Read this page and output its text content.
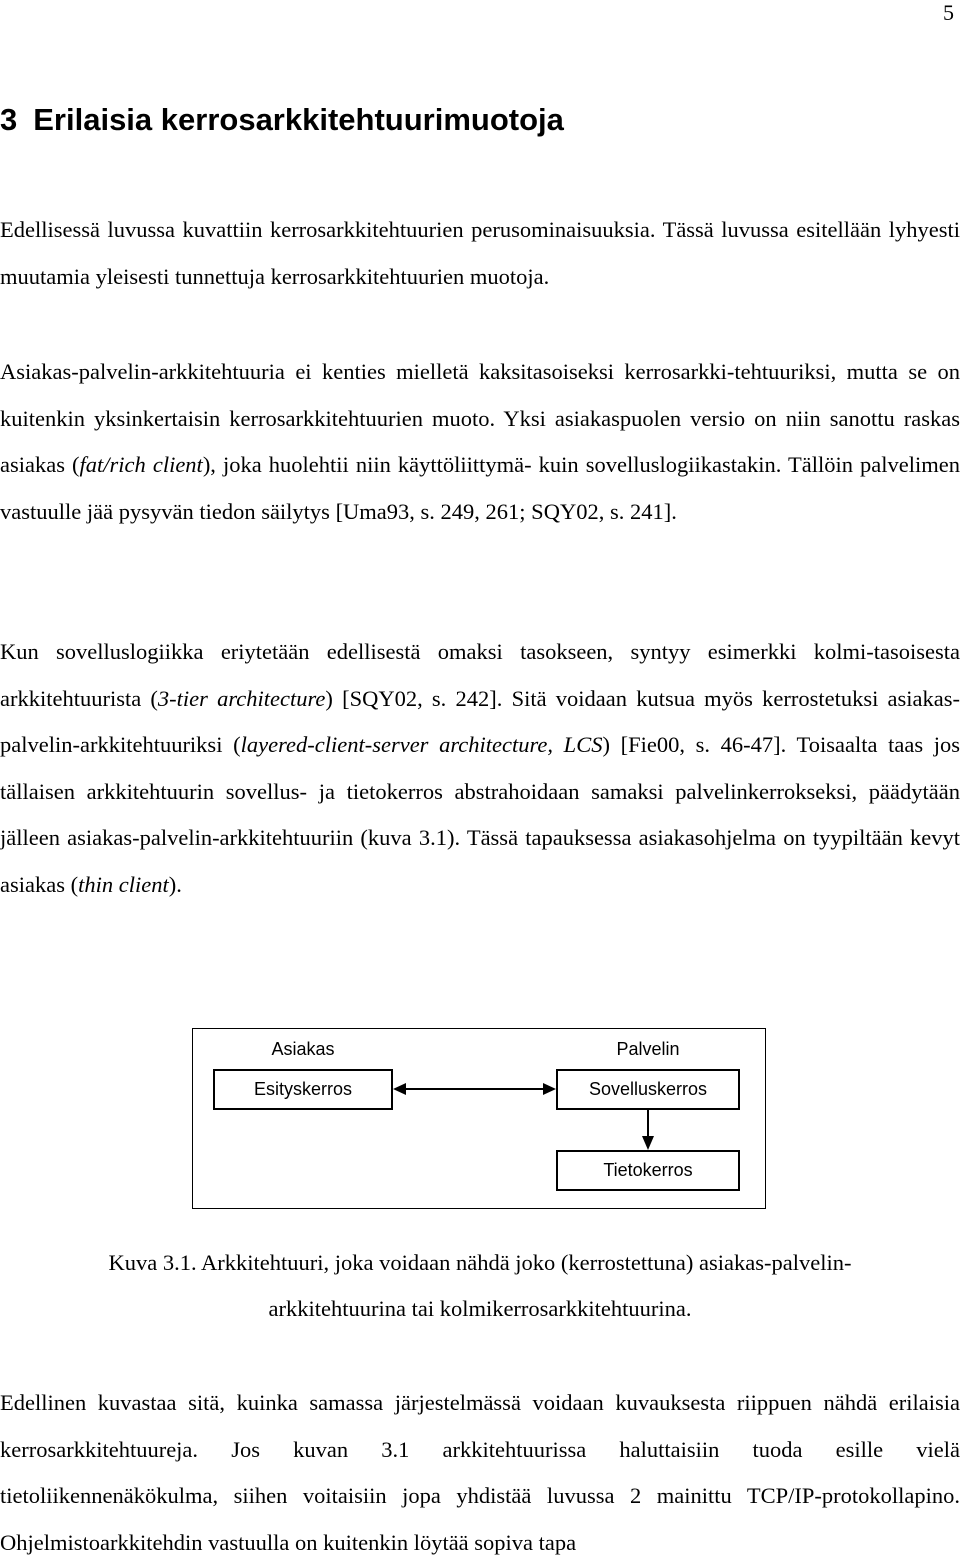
5
3 Erilaisia kerrosarkkitehtuurimuotoja

Edellisessä luvussa kuvattiin kerrosarkkitehtuurien perusominaisuuksia. Tässä luvussa esitellään lyhyesti muutamia yleisesti tunnettuja kerrosarkkitehtuurien muotoja.

Asiakas-palvelin-arkkitehtuuria ei kenties mielletä kaksitasoiseksi kerrosarkki-tehtuuriksi, mutta se on kuitenkin yksinkertaisin kerrosarkkitehtuurien muoto. Yksi asiakaspuolen versio on niin sanottu raskas asiakas (fat/rich client), joka huolehtii niin käyttöliittymä- kuin sovelluslogiikastakin. Tällöin palvelimen vastuulle jää pysyvän tiedon säilytys [Uma93, s. 249, 261; SQY02, s. 241].

Kun sovelluslogiikka eriytetään edellisestä omaksi tasokseen, syntyy esimerkki kolmi-tasoisesta arkkitehtuurista (3-tier architecture) [SQY02, s. 242]. Sitä voidaan kutsua myös kerrostetuksi asiakas-palvelin-arkkitehtuuriksi (layered-client-server architecture, LCS) [Fie00, s. 46-47]. Toisaalta taas jos tällaisen arkkitehtuurin sovellus- ja tietokerros abstrahoidaan samaksi palvelinkerrokseksi, päädytään jälleen asiakas-palvelin-arkkitehtuuriin (kuva 3.1). Tässä tapauksessa asiakasohjelma on tyypiltään kevyt asiakas (thin client).

Asiakas	Palvelin
Esityskerros	Sovelluskerros
Tietokerros

Kuva 3.1. Arkkitehtuuri, joka voidaan nähdä joko (kerrostettuna) asiakas-palvelin-
arkkitehtuurina tai kolmikerrosarkkitehtuurina.

Edellinen kuvastaa sitä, kuinka samassa järjestelmässä voidaan kuvauksesta riippuen nähdä erilaisia kerrosarkkitehtuureja. Jos kuvan 3.1 arkkitehtuurissa haluttaisiin tuoda esille vielä tietoliikennenäkökulma, siihen voitaisiin jopa yhdistää luvussa 2 mainittu TCP/IP-protokollapino. Ohjelmistoarkkitehdin vastuulla on kuitenkin löytää sopiva tapa
